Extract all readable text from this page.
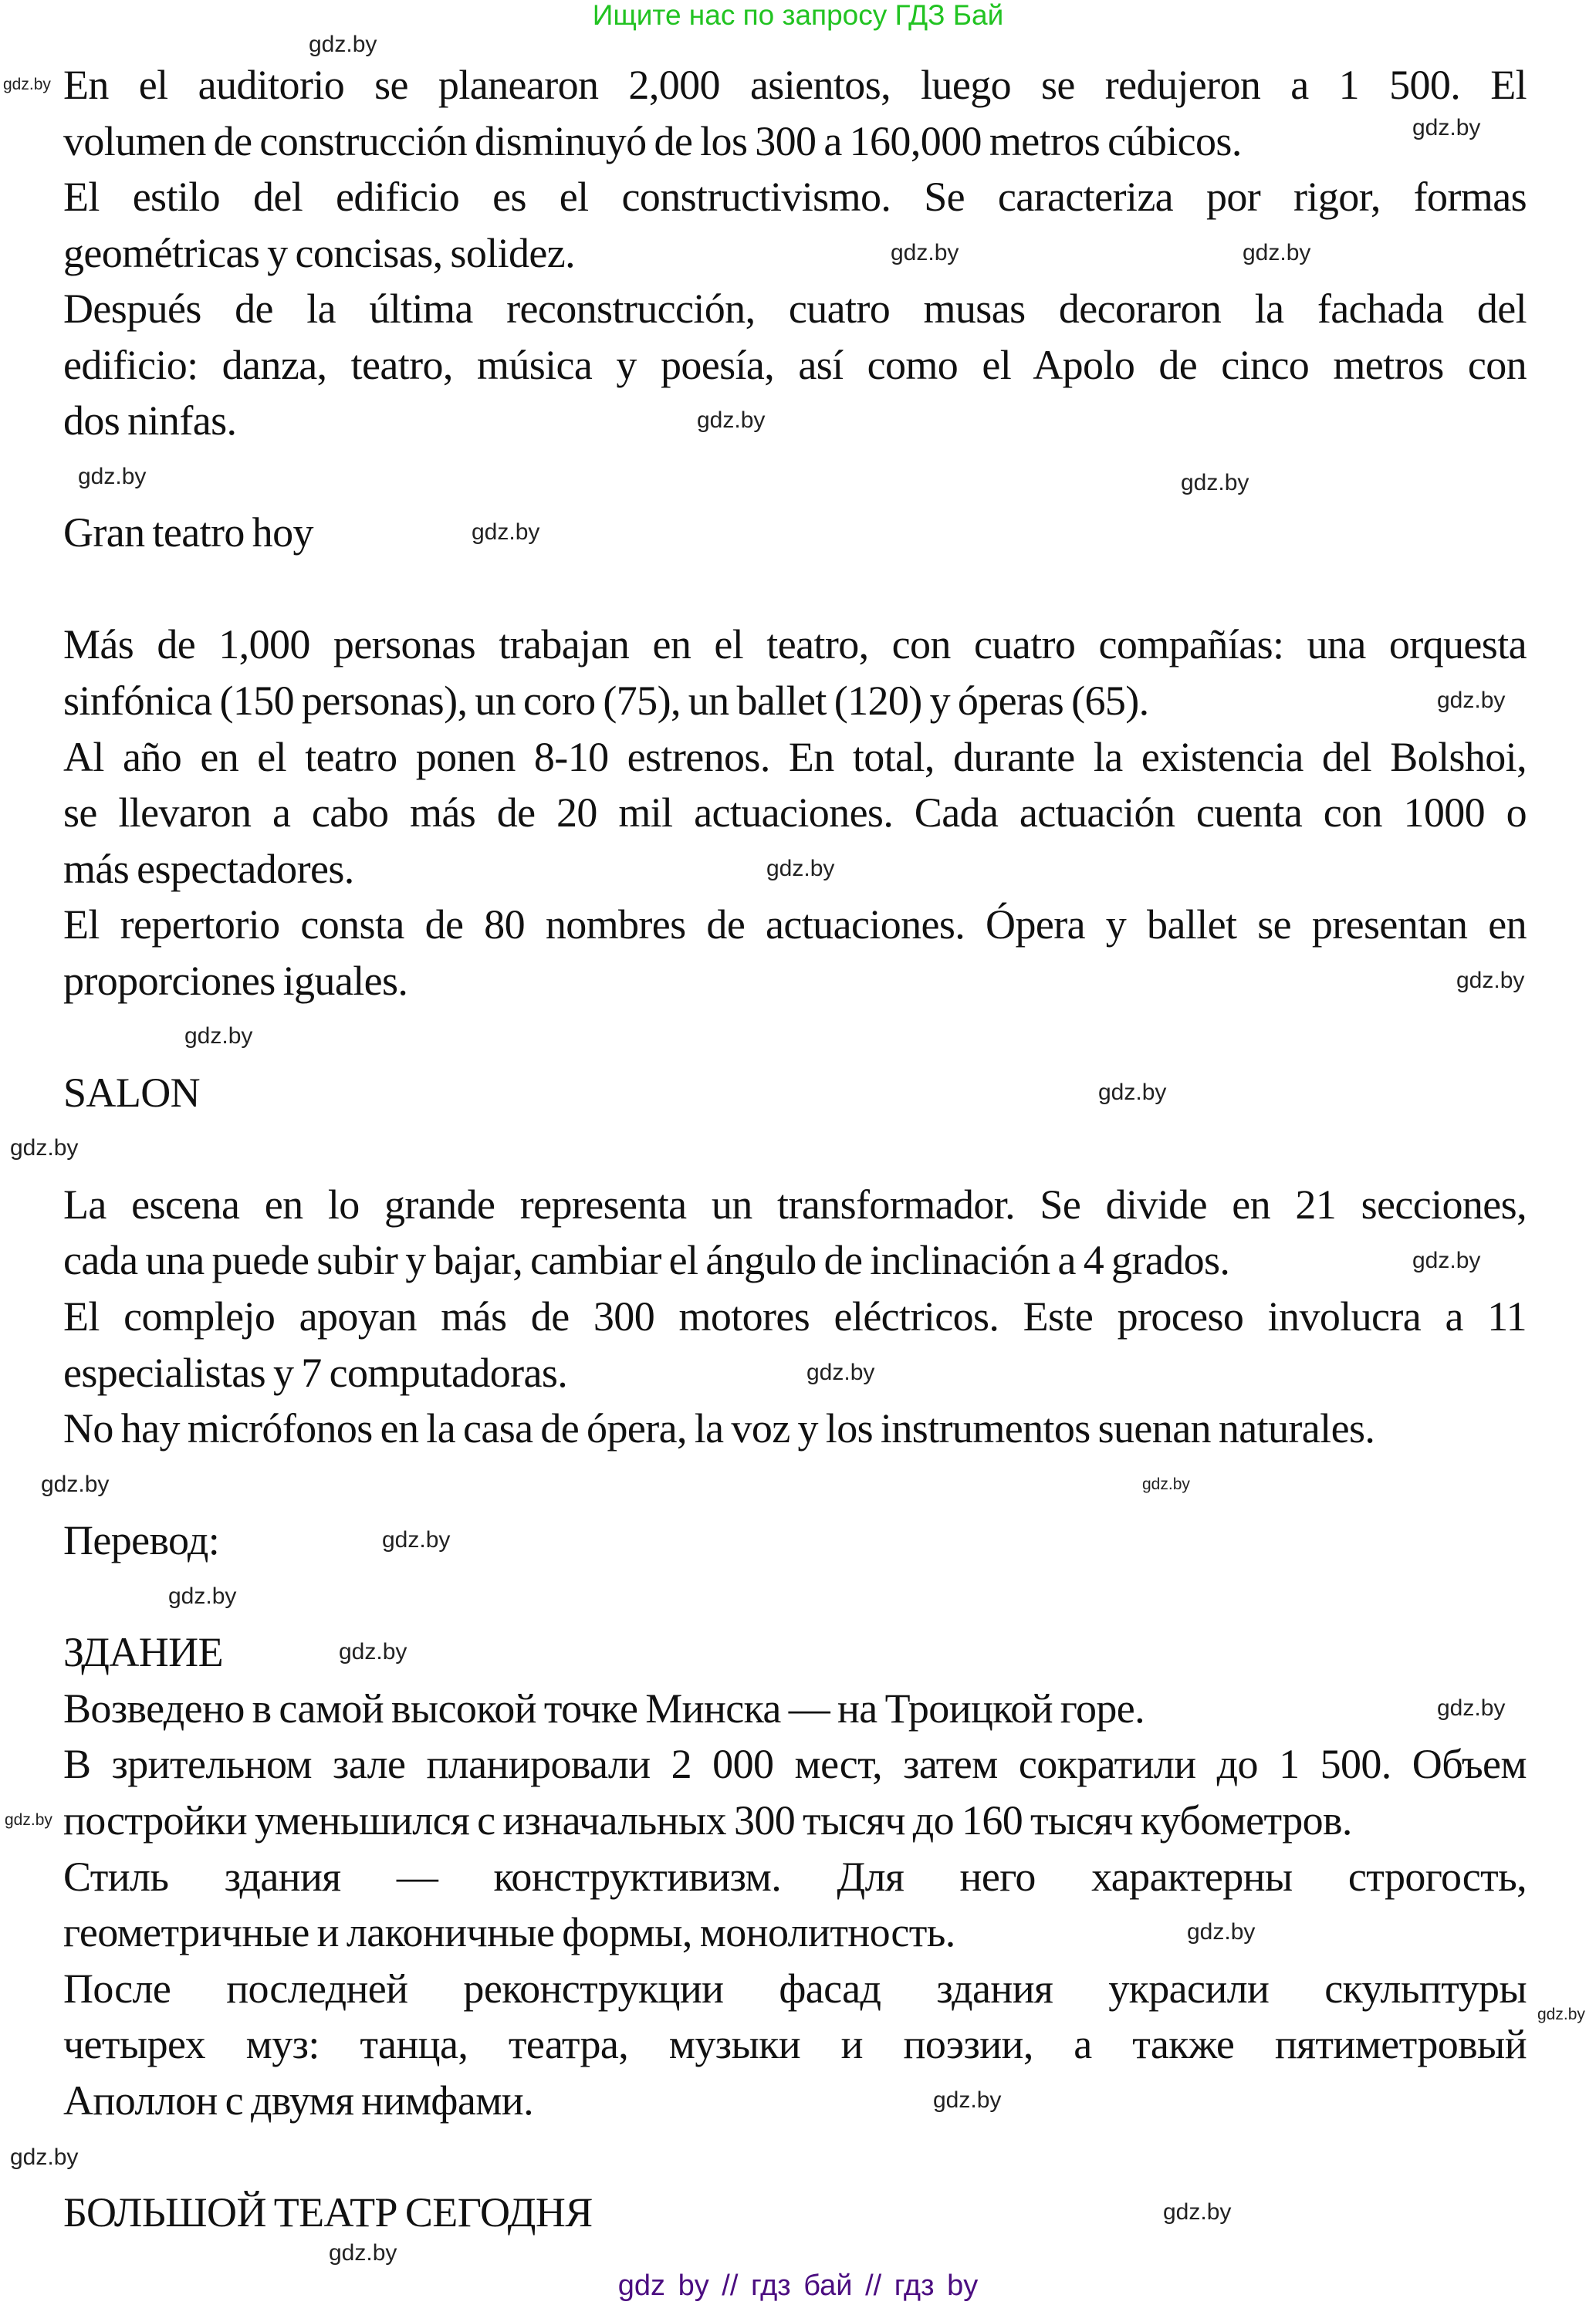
Ищите нас по запросу ГДЗ Бай
En el auditorio se planearon 2,000 asientos, luego se redujeron a 1 500. El
volumen de construcción disminuyó de los 300 a 160,000 metros cúbicos.
El estilo del edificio es el constructivismo. Se caracteriza por rigor, formas
geométricas y concisas, solidez.
Después de la última reconstrucción, cuatro musas decoraron la fachada del
edificio: danza, teatro, música y poesía, así como el Apolo de cinco metros con
dos ninfas.
Gran teatro hoy
Más de 1,000 personas trabajan en el teatro, con cuatro compañías: una orquesta
sinfónica (150 personas), un coro (75), un ballet (120) y óperas (65).
Al año en el teatro ponen 8-10 estrenos. En total, durante la existencia del Bolshoi,
se llevaron a cabo más de 20 mil actuaciones. Cada actuación cuenta con 1000 o
más espectadores.
El repertorio consta de 80 nombres de actuaciones. Ópera y ballet se presentan en
proporciones iguales.
SALON
La escena en lo grande representa un transformador. Se divide en 21 secciones,
cada una puede subir y bajar, cambiar el ángulo de inclinación a 4 grados.
El complejo apoyan más de 300 motores eléctricos. Este proceso involucra a 11
especialistas y 7 computadoras.
No hay micrófonos en la casa de ópera, la voz y los instrumentos suenan naturales.
Перевод:
ЗДАНИЕ
Возведено в самой высокой точке Минска — на Троицкой горе.
В зрительном зале планировали 2 000 мест, затем сократили до 1 500. Объем
постройки уменьшился с изначальных 300 тысяч до 160 тысяч кубометров.
Стиль здания — конструктивизм. Для него характерны строгость,
геометричные и лаконичные формы, монолитность.
После последней реконструкции фасад здания украсили скульптуры
четырех муз: танца, театра, музыки и поэзии, а также пятиметровый
Аполлон с двумя нимфами.
БОЛЬШОЙ ТЕАТР СЕГОДНЯ
gdz by // гдз бай // гдз by
gdz.by
gdz.by
gdz.by
gdz.by
gdz.by
gdz.by
gdz.by	gdz.by
gdz.by
gdz.by
gdz.by
gdz.by
gdz.by
gdz.by
gdz.by
gdz.by
gdz.by
gdz.by
gdz.by
gdz.by
gdz.by
gdz.by
gdz.by
gdz.by
gdz.by
gdz.by
gdz.by
gdz.by
gdz.by
gdz.by
